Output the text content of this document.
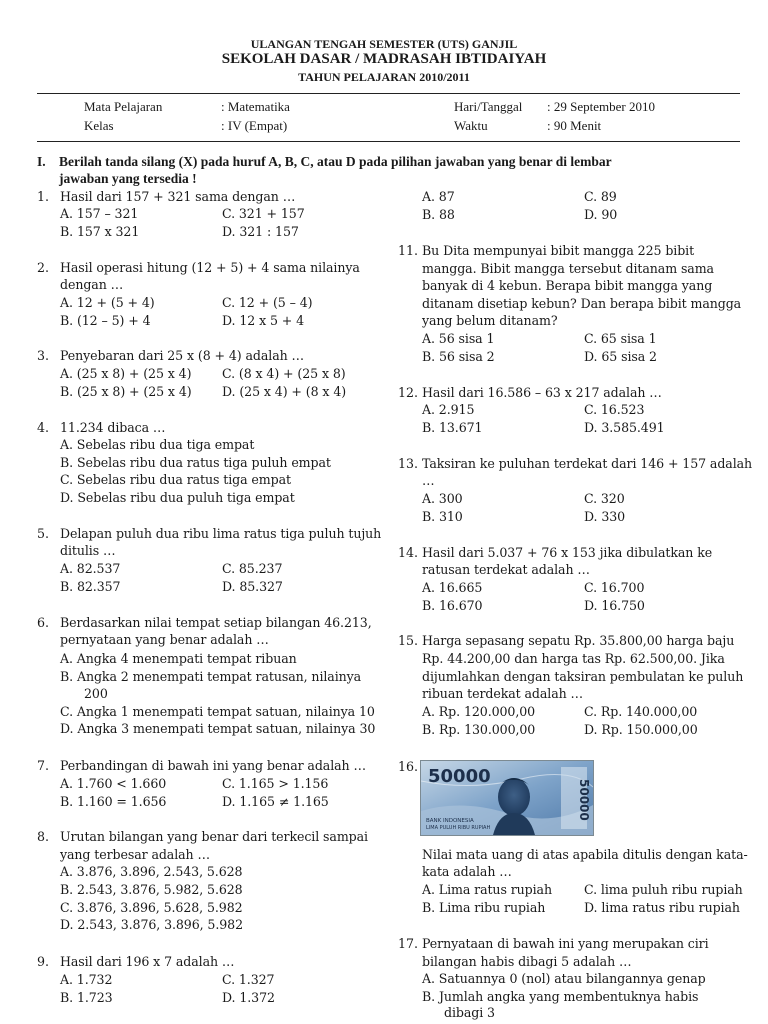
ULANGAN TENGAH SEMESTER (UTS) GANJIL
SEKOLAH DASAR / MADRASAH IBTIDAIYAH
TAHUN PELAJARAN 2010/2011
Mata Pelajaran	: Matematika	Hari/Tanggal : 29 September 2010
Kelas	: IV (Empat)	Waktu	: 90 Menit
I. Berilah tanda silang (X) pada huruf A, B, C, atau D pada pilihan jawaban yang benar di lembar
jawaban yang tersedia !
1. Hasil dari 157 + 321 sama dengan …
A. 157 – 321	C. 321 + 157
B. 157 x 321	D. 321 : 157
2. Hasil operasi hitung (12 + 5) + 4 sama nilainya
dengan …
A. 12 + (5 + 4)	C. 12 + (5 – 4)
B. (12 – 5) + 4	D. 12 x 5 + 4
3. Penyebaran dari 25 x (8 + 4) adalah …
A. (25 x 8) + (25 x 4) C. (8 x 4) + (25 x 8)
B. (25 x 8) + (25 x 4) D. (25 x 4) + (8 x 4)
4. 11.234 dibaca …
A. Sebelas ribu dua tiga empat
B. Sebelas ribu dua ratus tiga puluh empat
C. Sebelas ribu dua ratus tiga empat
D. Sebelas ribu dua puluh tiga empat
5. Delapan puluh dua ribu lima ratus tiga puluh tujuh
ditulis …
A. 82.537	C. 85.237
B. 82.357	D. 85.327
6. Berdasarkan nilai tempat setiap bilangan 46.213,
pernyataan yang benar adalah …
A. Angka 4 menempati tempat ribuan
B. Angka 2 menempati tempat ratusan, nilainya
200
C. Angka 1 menempati tempat satuan, nilainya 10
D. Angka 3 menempati tempat satuan, nilainya 30
7. Perbandingan di bawah ini yang benar adalah …
A. 1.760 < 1.660	C. 1.165 > 1.156
B. 1.160 = 1.656	D. 1.165 ≠ 1.165
8. Urutan bilangan yang benar dari terkecil sampai
yang terbesar adalah …
A. 3.876, 3.896, 2.543, 5.628
B. 2.543, 3.876, 5.982, 5.628
C. 3.876, 3.896, 5.628, 5.982
D. 2.543, 3.876, 3.896, 5.982
9. Hasil dari 196 x 7 adalah …
A. 1.732	C. 1.327
B. 1.723	D. 1.372
A. 87	C. 89
B. 88	D. 90
11. Bu Dita mempunyai bibit mangga 225 bibit
mangga. Bibit mangga tersebut ditanam sama
banyak di 4 kebun. Berapa bibit mangga yang
ditanam disetiap kebun? Dan berapa bibit mangga
yang belum ditanam?
A. 56 sisa 1	C. 65 sisa 1
B. 56 sisa 2	D. 65 sisa 2
12. Hasil dari 16.586 – 63 x 217 adalah …
A. 2.915	C. 16.523
B. 13.671	D. 3.585.491
13. Taksiran ke puluhan terdekat dari 146 + 157 adalah
…
A. 300	C. 320
B. 310	D. 330
14. Hasil dari 5.037 + 76 x 153 jika dibulatkan ke
ratusan terdekat adalah …
A. 16.665	C. 16.700
B. 16.670	D. 16.750
15. Harga sepasang sepatu Rp. 35.800,00 harga baju
Rp. 44.200,00 dan harga tas Rp. 62.500,00. Jika
dijumlahkan dengan taksiran pembulatan ke puluh
ribuan terdekat adalah …
A. Rp. 120.000,00	C. Rp. 140.000,00
B. Rp. 130.000,00	D. Rp. 150.000,00
16. 50000
50000
BANK INDONESIA
LIMA PULUH RIBU RUPIAH
Nilai mata uang di atas apabila ditulis dengan kata-
kata adalah …
A. Lima ratus rupiah	C. lima puluh ribu rupiah
B. Lima ribu rupiah	D. lima ratus ribu rupiah
17. Pernyataan di bawah ini yang merupakan ciri
bilangan habis dibagi 5 adalah …
A. Satuannya 0 (nol) atau bilangannya genap
B. Jumlah angka yang membentuknya habis
dibagi 3
